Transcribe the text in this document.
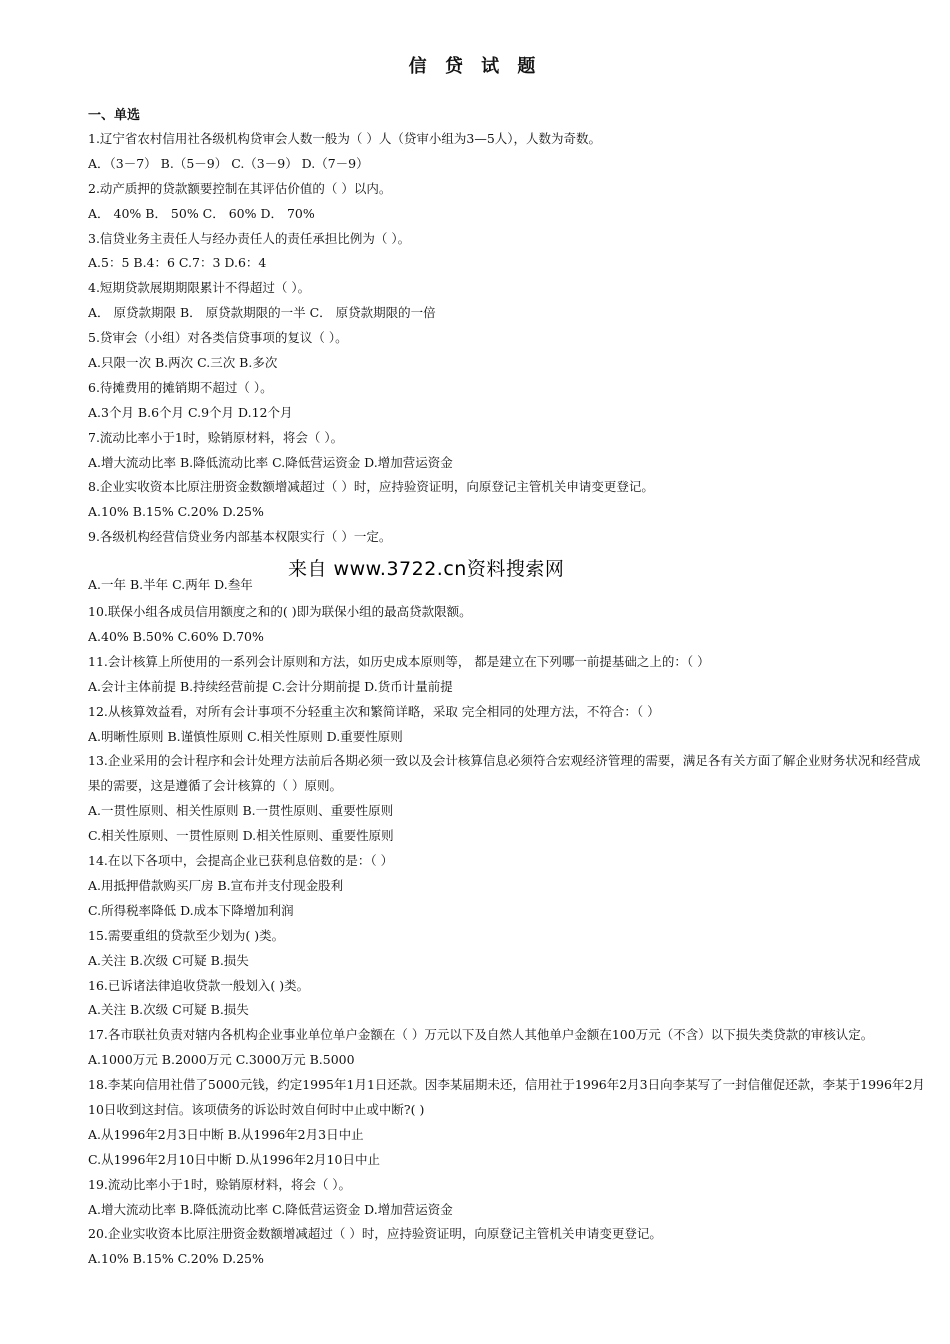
信 贷 试 题
一、单选
1.辽宁省农村信用社各级机构贷审会人数一般为（ ）人（贷审小组为3—5人），人数为奇数。
A．（3－7） B.（5－9） C.（3－9） D.（7－9）
2.动产质押的贷款额要控制在其评估价值的（ ）以内。
A． 40% B． 50% C． 60% D． 70%
3.信贷业务主责任人与经办责任人的责任承担比例为（ ）。
A.5：5 B.4：6 C.7：3 D.6：4
4.短期贷款展期期限累计不得超过（ ）。
A． 原贷款期限 B． 原贷款期限的一半 C． 原贷款期限的一倍
5.贷审会（小组）对各类信贷事项的复议（ ）。
A.只限一次 B.两次 C.三次 B.多次
6.待摊费用的摊销期不超过（ ）。
A.3个月 B.6个月 C.9个月 D.12个月
7.流动比率小于1时，赊销原材料，将会（ ）。
A.增大流动比率 B.降低流动比率 C.降低营运资金 D.增加营运资金
8.企业实收资本比原注册资金数额增减超过（ ）时，应持验资证明，向原登记主管机关申请变更登记。
A.10% B.15% C.20% D.25%
9.各级机构经营信贷业务内部基本权限实行（ ）一定。
来自 www.3722.cn资料搜索网
A.一年 B.半年 C.两年 D.叁年
10.联保小组各成员信用额度之和的( )即为联保小组的最高贷款限额。
A.40% B.50% C.60% D.70%
11.会计核算上所使用的一系列会计原则和方法，如历史成本原则等， 都是建立在下列哪一前提基础之上的：（ ）
A.会计主体前提 B.持续经营前提 C.会计分期前提 D.货币计量前提
12.从核算效益看，对所有会计事项不分轻重主次和繁简详略，采取 完全相同的处理方法，不符合：（ ）
A.明晰性原则 B.谨慎性原则 C.相关性原则 D.重要性原则
13.企业采用的会计程序和会计处理方法前后各期必须一致以及会计核算信息必须符合宏观经济管理的需要，满足各有关方面了解企业财务状况和经营成果的需要，这是遵循了会计核算的（ ）原则。
A.一贯性原则、相关性原则 B.一贯性原则、重要性原则
C.相关性原则、一贯性原则 D.相关性原则、重要性原则
14.在以下各项中，会提高企业已获利息倍数的是：（ ）
A.用抵押借款购买厂房 B.宣布并支付现金股利
C.所得税率降低 D.成本下降增加利润
15.需要重组的贷款至少划为( )类。
A.关注 B.次级 C可疑 B.损失
16.已诉诸法律追收贷款一般划入( )类。
A.关注 B.次级 C可疑 B.损失
17.各市联社负责对辖内各机构企业事业单位单户金额在（ ）万元以下及自然人其他单户金额在100万元（不含）以下损失类贷款的审核认定。
A.1000万元 B.2000万元 C.3000万元 B.5000
18.李某向信用社借了5000元钱，约定1995年1月1日还款。因李某届期未还，信用社于1996年2月3日向李某写了一封信催促还款，李某于1996年2月10日收到这封信。该项债务的诉讼时效自何时中止或中断?( )
A.从1996年2月3日中断 B.从1996年2月3日中止
C.从1996年2月10日中断 D.从1996年2月10日中止
19.流动比率小于1时，赊销原材料，将会（ ）。
A.增大流动比率 B.降低流动比率 C.降低营运资金 D.增加营运资金
20.企业实收资本比原注册资金数额增减超过（ ）时，应持验资证明，向原登记主管机关申请变更登记。
A.10% B.15% C.20% D.25%
